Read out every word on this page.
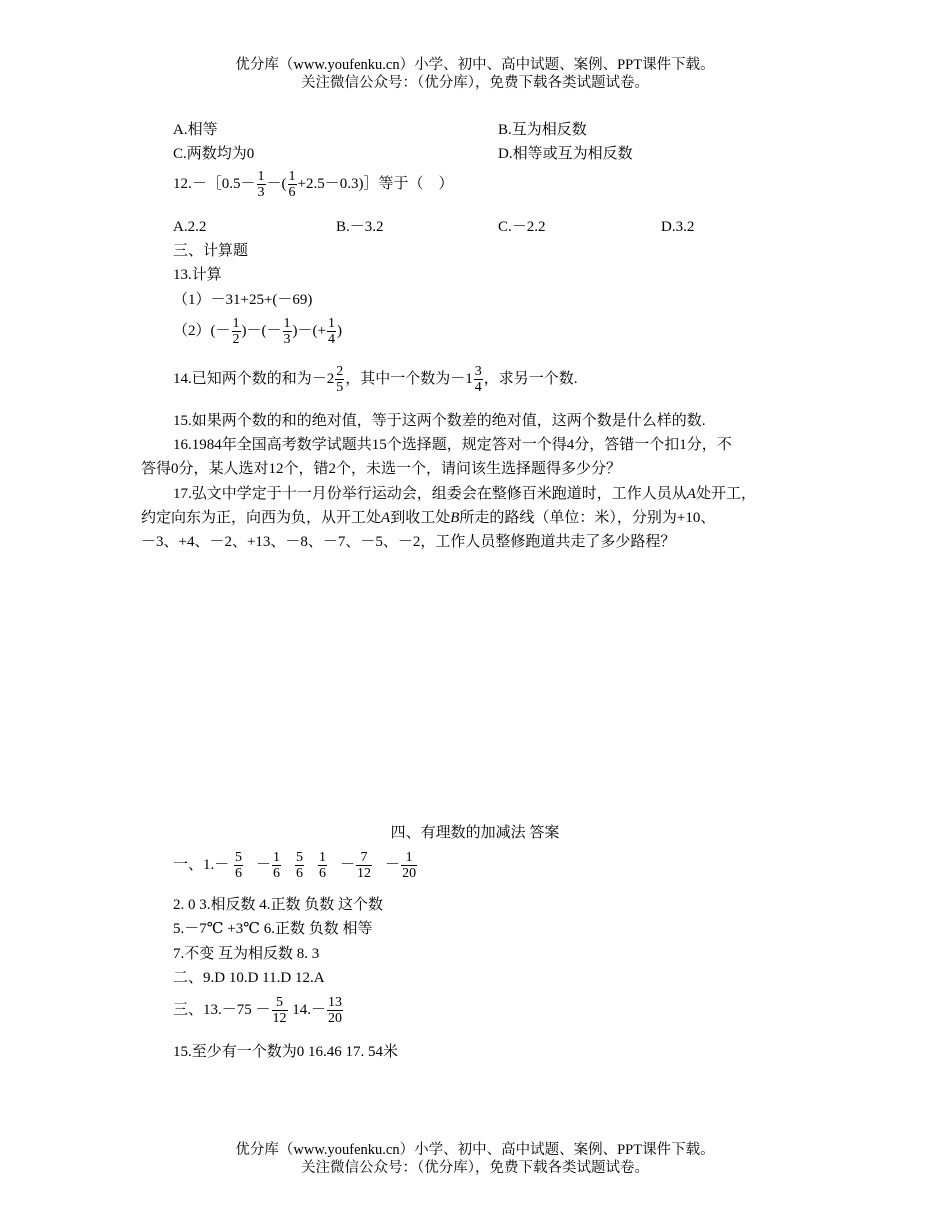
优分库（www.youfenku.cn）小学、初中、高中试题、案例、PPT课件下载。
关注微信公众号：（优分库），免费下载各类试题试卷。
A.相等	B.互为相反数
C.两数均为0	D.相等或互为相反数
12.－［0.5－ $\frac{1}{3}$ －( $\frac{1}{6}$ +2.5－0.3)］等于（　）
A.2.2	B.－3.2	C.－2.2	D.3.2
三、计算题
13.计算
（1）－31+25+(－69)
$(2)(- \frac{1}{2}$ )－(－ $\frac{1}{3}$ )－(+ $\frac{1}{4}$ )
14.已知两个数的和为$-2 \frac{2}{5}$ ，其中一个数为$-1 \frac{3}{4}$ ，求另一个数.
15.如果两个数的和的绝对值，等于这两个数差的绝对值，这两个数是什么样的数.
16.1984年全国高考数学试题共15个选择题，规定答对一个得4分，答错一个扣1分，不
答得0分，某人选对12个，错2个，未选一个，请问该生选择题得多少分？
17.弘文中学定于十一月份举行运动会，组委会在整修百米跑道时，工作人员从A处开工，
约定向东为正，向西为负，从开工处A到收工处B所走的路线（单位：米），分别为+10、
－3、+4、－2、+13、－8、－7、－5、－2，工作人员整修跑道共走了多少路程？
四、有理数的加减法 答案
一、$1.- \frac{5}{6} - \frac{1}{6} \frac{5}{6} \frac{1}{6} - \frac{7}{12} - \frac{1}{20}$
2. 0 3.相反数 4.正数 负数 这个数
5.－7℃ +3℃ 6.正数 负数 相等
7.不变 互为相反数 8. 3
二、9.D 10.D 11.D 12.A
三、$13.-75 - \frac{5}{12} 14.- \frac{13}{20}$
15.至少有一个数为0 16.46 17. 54米
优分库（www.youfenku.cn）小学、初中、高中试题、案例、PPT课件下载。
关注微信公众号：（优分库），免费下载各类试题试卷。
